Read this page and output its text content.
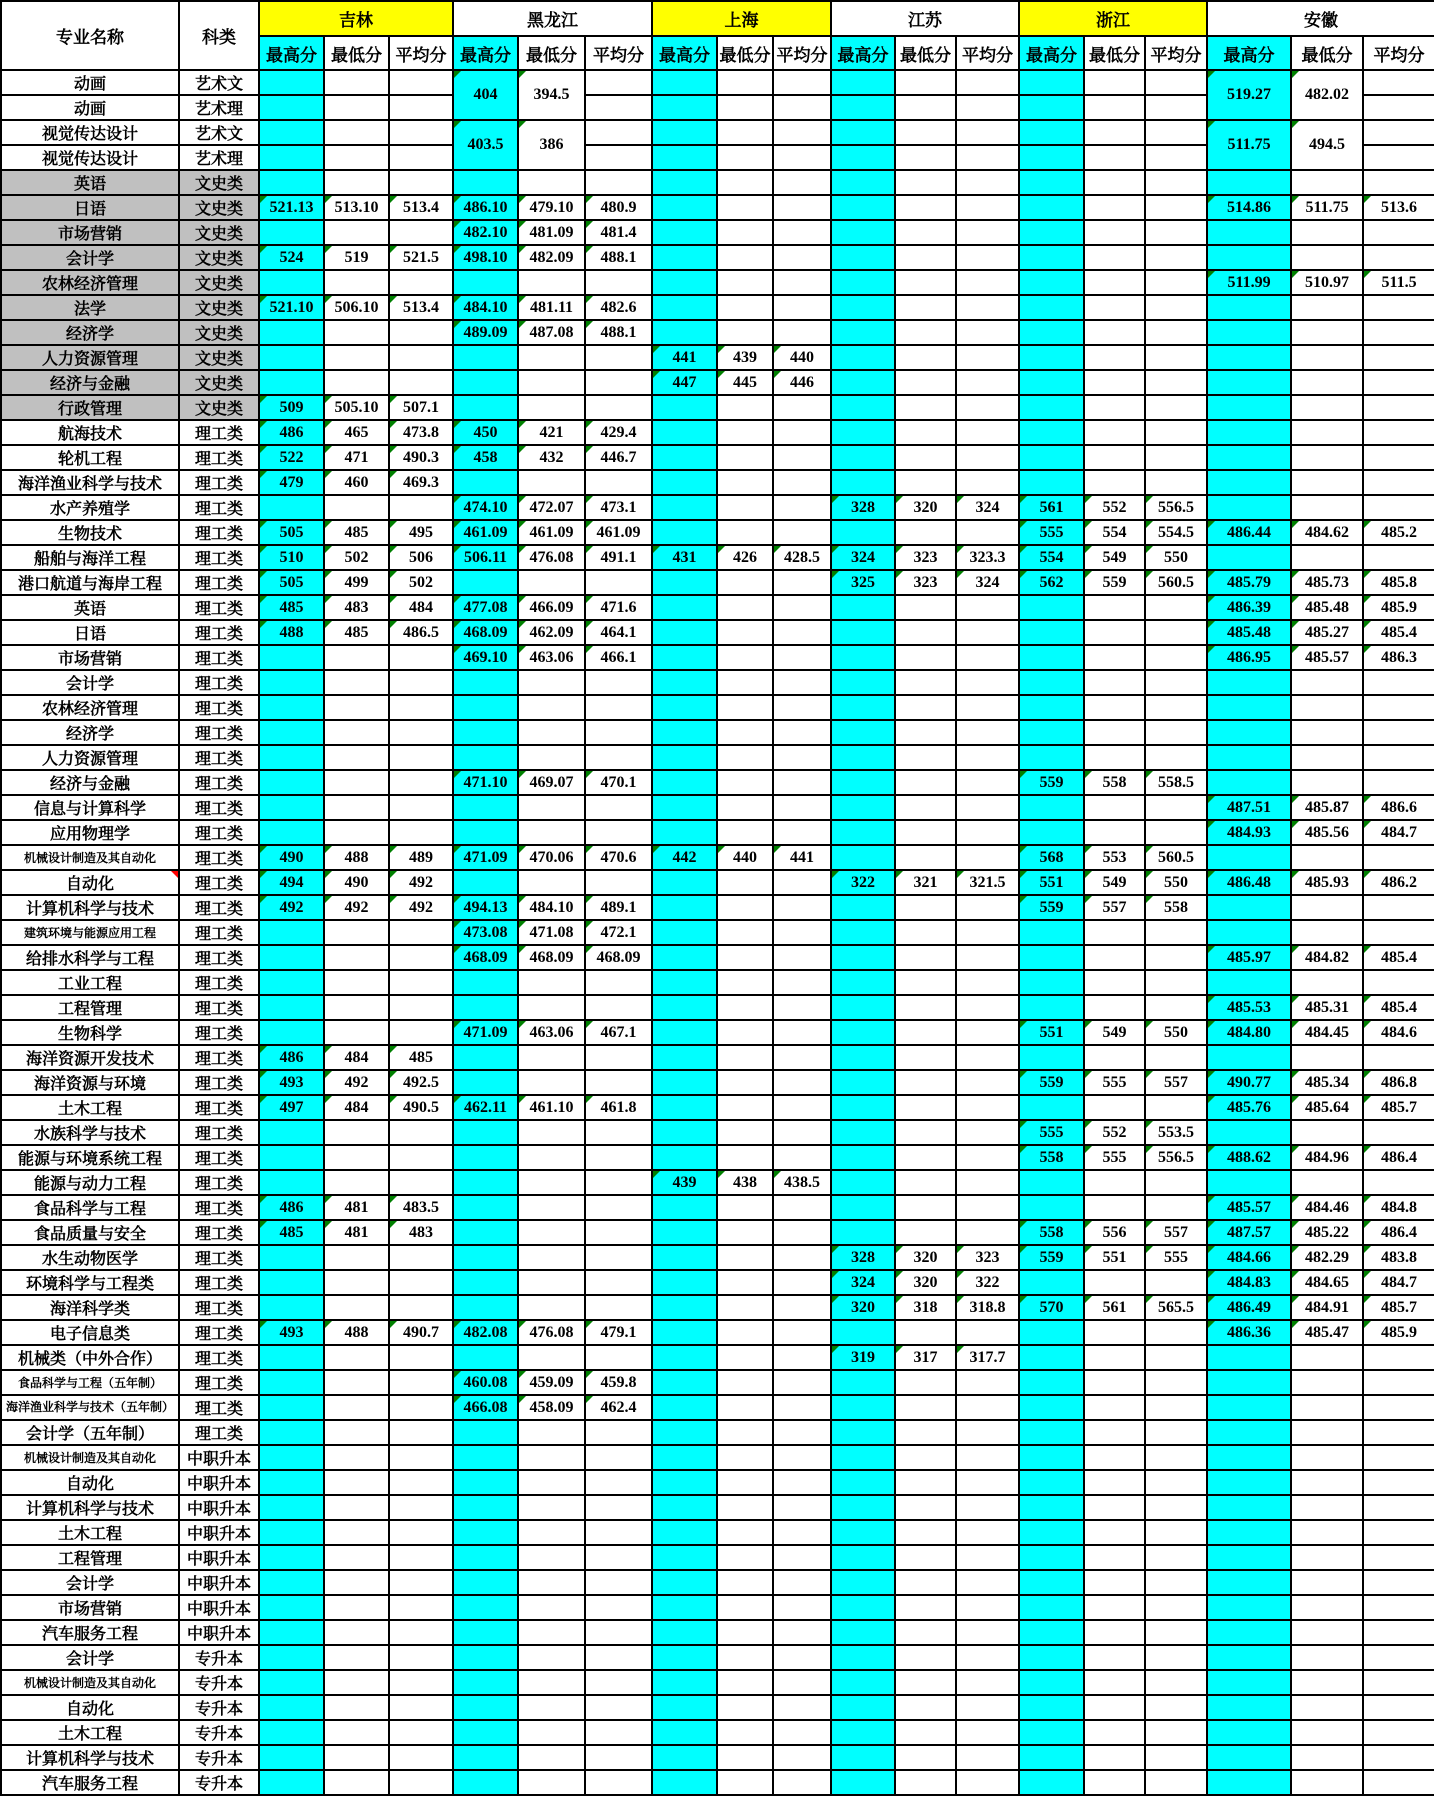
专业名称	科类	吉林			黑龙江			上海			江苏			浙江			安徽		
		最高分	最低分	平均分	最高分	最低分	平均分	最高分	最低分	平均分	最高分	最低分	平均分	最高分	最低分	平均分	最高分	最低分	平均分
动画	艺术文				404	394.5											519.27	482.02	
动画	艺术理																		
视觉传达设计	艺术文				403.5	386											511.75	494.5	
视觉传达设计	艺术理																		
英语	文史类																		
日语	文史类	521.13	513.10	513.4	486.10	479.10	480.9										514.86	511.75	513.6
市场营销	文史类				482.10	481.09	481.4												
会计学	文史类	524	519	521.5	498.10	482.09	488.1												
农林经济管理	文史类																511.99	510.97	511.5
法学	文史类	521.10	506.10	513.4	484.10	481.11	482.6												
经济学	文史类				489.09	487.08	488.1												
人力资源管理	文史类							441	439	440									
经济与金融	文史类							447	445	446									
行政管理	文史类	509	505.10	507.1															
航海技术	理工类	486	465	473.8	450	421	429.4												
轮机工程	理工类	522	471	490.3	458	432	446.7												
海洋渔业科学与技术	理工类	479	460	469.3															
水产养殖学	理工类				474.10	472.07	473.1				328	320	324	561	552	556.5			
生物技术	理工类	505	485	495	461.09	461.09	461.09							555	554	554.5	486.44	484.62	485.2
船舶与海洋工程	理工类	510	502	506	506.11	476.08	491.1	431	426	428.5	324	323	323.3	554	549	550			
港口航道与海岸工程	理工类	505	499	502							325	323	324	562	559	560.5	485.79	485.73	485.8
英语	理工类	485	483	484	477.08	466.09	471.6										486.39	485.48	485.9
日语	理工类	488	485	486.5	468.09	462.09	464.1										485.48	485.27	485.4
市场营销	理工类				469.10	463.06	466.1										486.95	485.57	486.3
会计学	理工类																		
农林经济管理	理工类																		
经济学	理工类																		
人力资源管理	理工类																		
经济与金融	理工类				471.10	469.07	470.1							559	558	558.5			
信息与计算科学	理工类																487.51	485.87	486.6
应用物理学	理工类																484.93	485.56	484.7
机械设计制造及其自动化	理工类	490	488	489	471.09	470.06	470.6	442	440	441				568	553	560.5			
自动化	理工类	494	490	492							322	321	321.5	551	549	550	486.48	485.93	486.2
计算机科学与技术	理工类	492	492	492	494.13	484.10	489.1							559	557	558			
建筑环境与能源应用工程	理工类				473.08	471.08	472.1												
给排水科学与工程	理工类				468.09	468.09	468.09										485.97	484.82	485.4
工业工程	理工类																		
工程管理	理工类																485.53	485.31	485.4
生物科学	理工类				471.09	463.06	467.1							551	549	550	484.80	484.45	484.6
海洋资源开发技术	理工类	486	484	485															
海洋资源与环境	理工类	493	492	492.5										559	555	557	490.77	485.34	486.8
土木工程	理工类	497	484	490.5	462.11	461.10	461.8										485.76	485.64	485.7
水族科学与技术	理工类													555	552	553.5			
能源与环境系统工程	理工类													558	555	556.5	488.62	484.96	486.4
能源与动力工程	理工类							439	438	438.5									
食品科学与工程	理工类	486	481	483.5													485.57	484.46	484.8
食品质量与安全	理工类	485	481	483										558	556	557	487.57	485.22	486.4
水生动物医学	理工类										328	320	323	559	551	555	484.66	482.29	483.8
环境科学与工程类	理工类										324	320	322				484.83	484.65	484.7
海洋科学类	理工类										320	318	318.8	570	561	565.5	486.49	484.91	485.7
电子信息类	理工类	493	488	490.7	482.08	476.08	479.1										486.36	485.47	485.9
机械类（中外合作）	理工类										319	317	317.7						
食品科学与工程（五年制）	理工类				460.08	459.09	459.8												
海洋渔业科学与技术（五年制）	理工类				466.08	458.09	462.4												
会计学（五年制）	理工类																		
机械设计制造及其自动化	中职升本																		
自动化	中职升本																		
计算机科学与技术	中职升本																		
土木工程	中职升本																		
工程管理	中职升本																		
会计学	中职升本																		
市场营销	中职升本																		
汽车服务工程	中职升本																		
会计学	专升本																		
机械设计制造及其自动化	专升本																		
自动化	专升本																		
土木工程	专升本																		
计算机科学与技术	专升本																		
汽车服务工程	专升本																		
